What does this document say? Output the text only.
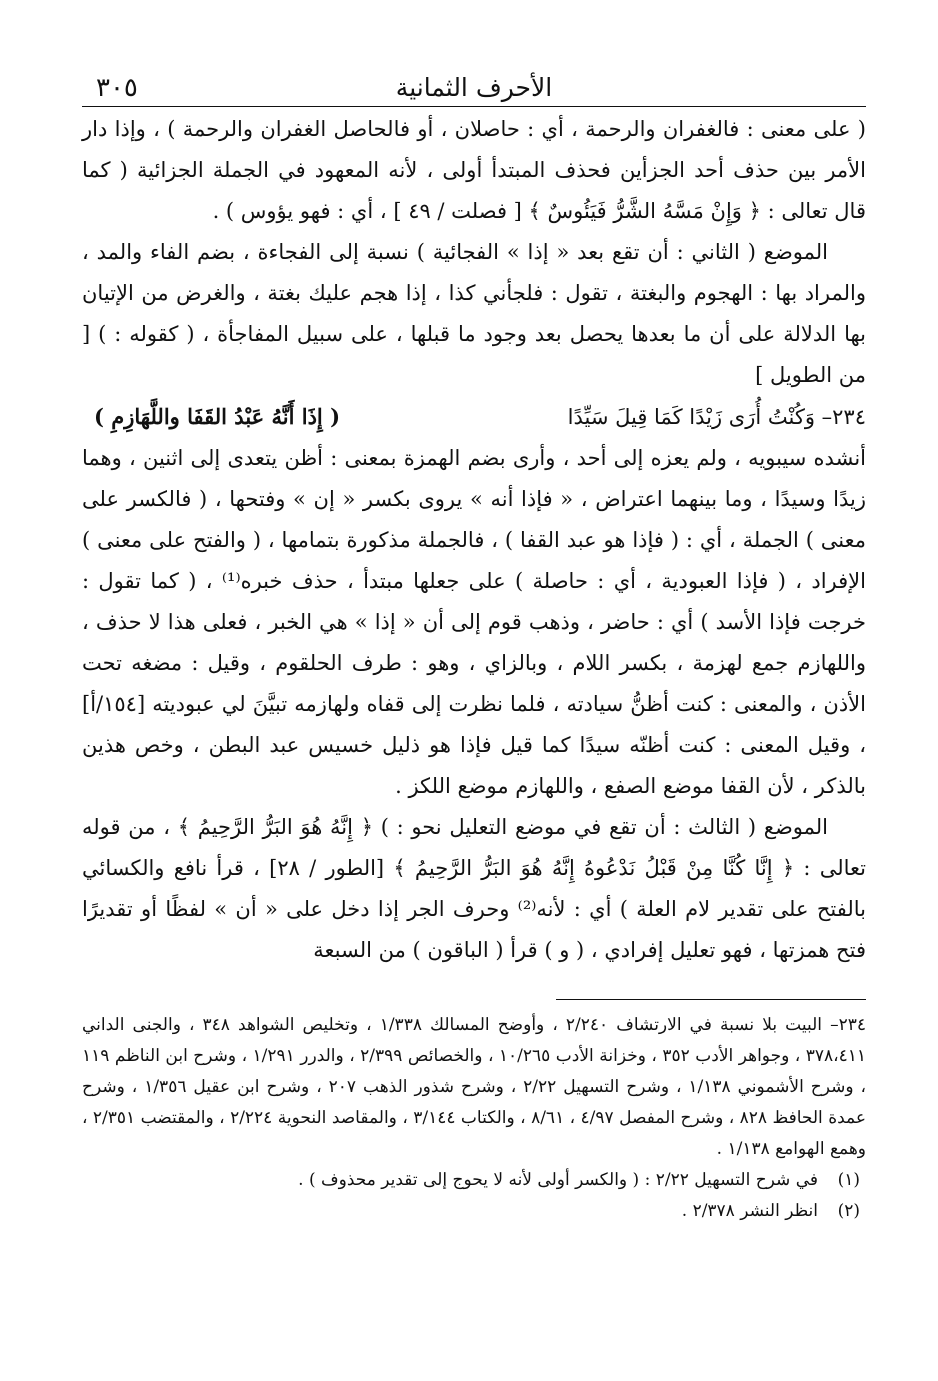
الأحرف الثمانية
٣٠٥

( على معنى : فالغفران والرحمة ، أي : حاصلان ، أو فالحاصل الغفران والرحمة ) ، وإذا دار الأمر بين حذف أحد الجزأين فحذف المبتدأ أولى ، لأنه المعهود في الجملة الجزائية ( كما قال تعالى : ﴿ وَإِنْ مَسَّهُ الشَّرُّ فَيَئُوسٌ ﴾ [ فصلت / ٤٩ ] ، أي : فهو يؤوس ) .

الموضع ( الثاني : أن تقع بعد « إذا » الفجائية ) نسبة إلى الفجاءة ، بضم الفاء والمد ، والمراد بها : الهجوم والبغتة ، تقول : فلجأني كذا ، إذا هجم عليك بغتة ، والغرض من الإتيان بها الدلالة على أن ما بعدها يحصل بعد وجود ما قبلها ، على سبيل المفاجأة ، ( كقوله : ) [ من الطويل ]

٢٣٤– وَكُنْتُ أُرَى زَيْدًا كَمَا قِيلَ سَيِّدًا
( إِذَا أَنَّهُ عَبْدُ القَفَا واللَّهَازِمِ )

أنشده سيبويه ، ولم يعزه إلى أحد ، وأرى بضم الهمزة بمعنى : أظن يتعدى إلى اثنين ، وهما زيدًا وسيدًا ، وما بينهما اعتراض ، « فإذا أنه » يروى بكسر « إن » وفتحها ، ( فالكسر على معنى ) الجملة ، أي : ( فإذا هو عبد القفا ) ، فالجملة مذكورة بتمامها ، ( والفتح على معنى ) الإفراد ، ( فإذا العبودية ، أي : حاصلة ) على جعلها مبتدأ ، حذف خبره⁽¹⁾ ، ( كما تقول : خرجت فإذا الأسد ) أي : حاضر ، وذهب قوم إلى أن « إذا » هي الخبر ، فعلى هذا لا حذف ، واللهازم جمع لهزمة ، بكسر اللام ، وبالزاي ، وهو : طرف الحلقوم ، وقيل : مضغه تحت الأذن ، والمعنى : كنت أظنُّ سيادته ، فلما نظرت إلى قفاه ولهازمه تبيَّنَ لي عبوديته [١٥٤/أ] ، وقيل المعنى : كنت أظنّه سيدًا كما قيل فإذا هو ذليل خسيس عبد البطن ، وخص هذين بالذكر ، لأن القفا موضع الصفع ، واللهازم موضع اللكز .

الموضع ( الثالث : أن تقع في موضع التعليل نحو : ) ﴿ إِنَّهُ هُوَ البَرُّ الرَّحِيمُ ﴾ ، من قوله تعالى : ﴿ إِنَّا كُنَّا مِنْ قَبْلُ نَدْعُوهُ إِنَّهُ هُوَ البَرُّ الرَّحِيمُ ﴾ [الطور / ٢٨] ، قرأ نافع والكسائي بالفتح على تقدير لام العلة ) أي : لأنه⁽²⁾ وحرف الجر إذا دخل على « أن » لفظًا أو تقديرًا فتح همزتها ، فهو تعليل إفرادي ، ( و ) قرأ ( الباقون ) من السبعة

٢٣٤– البيت بلا نسبة في الارتشاف ٢/٢٤٠ ، وأوضح المسالك ١/٣٣٨ ، وتخليص الشواهد ٣٤٨ ، والجنى الداني ٣٧٨،٤١١ ، وجواهر الأدب ٣٥٢ ، وخزانة الأدب ١٠/٢٦٥ ، والخصائص ٢/٣٩٩ ، والدرر ١/٢٩١ ، وشرح ابن الناظم ١١٩ ، وشرح الأشموني ١/١٣٨ ، وشرح التسهيل ٢/٢٢ ، وشرح شذور الذهب ٢٠٧ ، وشرح ابن عقيل ١/٣٥٦ ، وشرح عمدة الحافظ ٨٢٨ ، وشرح المفصل ٤/٩٧ ، ٨/٦١ ، والكتاب ٣/١٤٤ ، والمقاصد النحوية ٢/٢٢٤ ، والمقتضب ٢/٣٥١ ، وهمع الهوامع ١/١٣٨ .

(١)في شرح التسهيل ٢/٢٢ : ( والكسر أولى لأنه لا يحوج إلى تقدير محذوف ) .

(٢)انظر النشر ٢/٣٧٨ .
